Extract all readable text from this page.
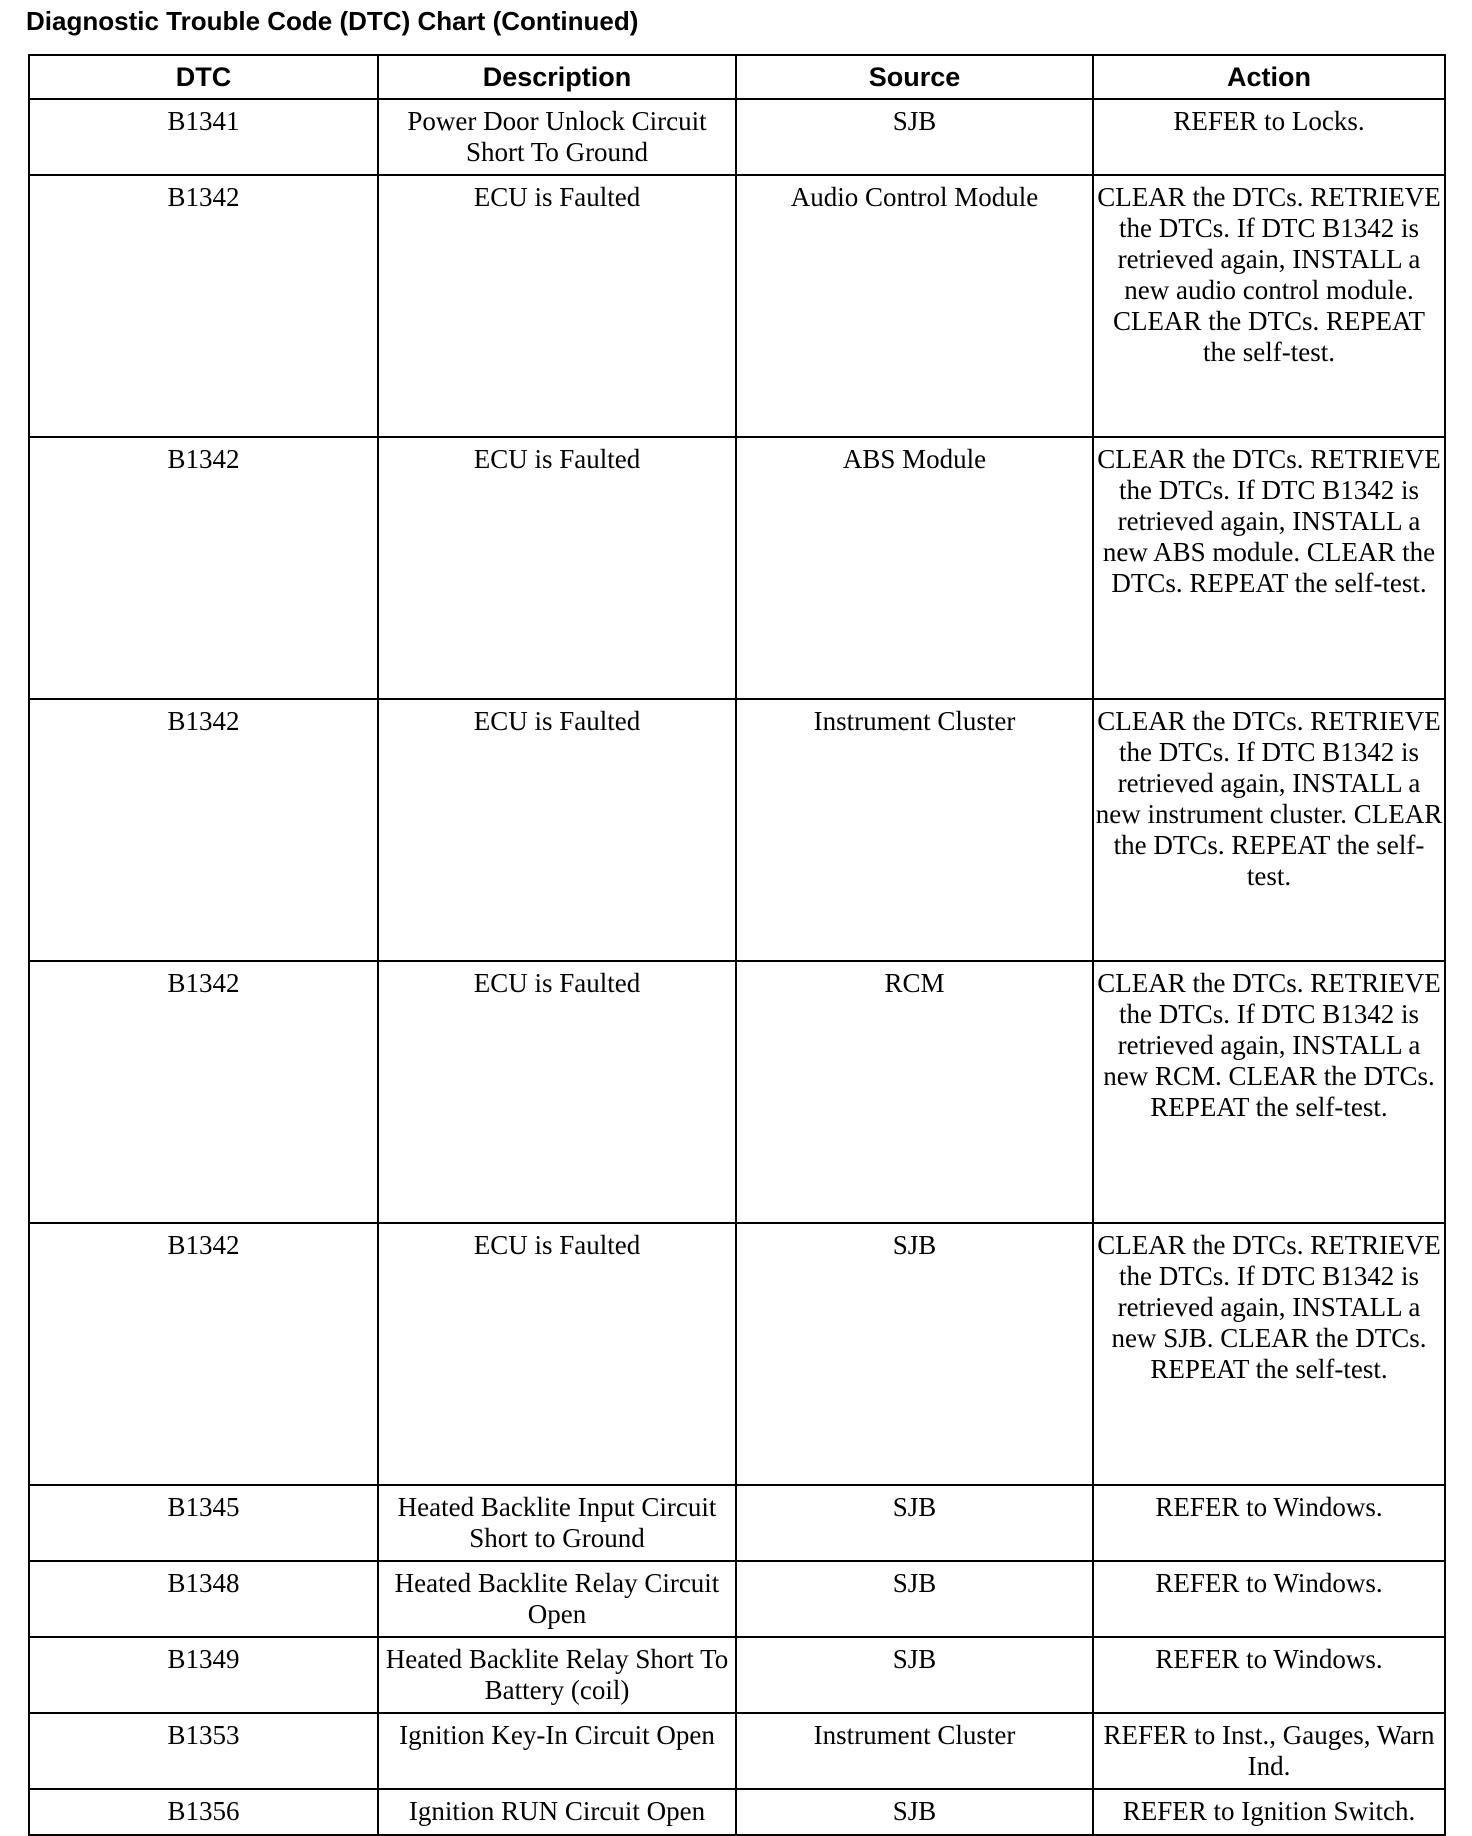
Diagnostic Trouble Code (DTC) Chart (Continued)
DTC	Description	Source	Action
B1341	Power Door Unlock Circuit Short To Ground	SJB	REFER to Locks.
B1342	ECU is Faulted	Audio Control Module	CLEAR the DTCs. RETRIEVE the DTCs. If DTC B1342 is retrieved again, INSTALL a new audio control module. CLEAR the DTCs. REPEAT the self-test.
B1342	ECU is Faulted	ABS Module	CLEAR the DTCs. RETRIEVE the DTCs. If DTC B1342 is retrieved again, INSTALL a new ABS module. CLEAR the DTCs. REPEAT the self-test.
B1342	ECU is Faulted	Instrument Cluster	CLEAR the DTCs. RETRIEVE the DTCs. If DTC B1342 is retrieved again, INSTALL a new instrument cluster. CLEAR the DTCs. REPEAT the self-test.
B1342	ECU is Faulted	RCM	CLEAR the DTCs. RETRIEVE the DTCs. If DTC B1342 is retrieved again, INSTALL a new RCM. CLEAR the DTCs. REPEAT the self-test.
B1342	ECU is Faulted	SJB	CLEAR the DTCs. RETRIEVE the DTCs. If DTC B1342 is retrieved again, INSTALL a new SJB. CLEAR the DTCs. REPEAT the self-test.
B1345	Heated Backlite Input Circuit Short to Ground	SJB	REFER to Windows.
B1348	Heated Backlite Relay Circuit Open	SJB	REFER to Windows.
B1349	Heated Backlite Relay Short To Battery (coil)	SJB	REFER to Windows.
B1353	Ignition Key-In Circuit Open	Instrument Cluster	REFER to Inst., Gauges, Warn Ind.
B1356	Ignition RUN Circuit Open	SJB	REFER to Ignition Switch.
